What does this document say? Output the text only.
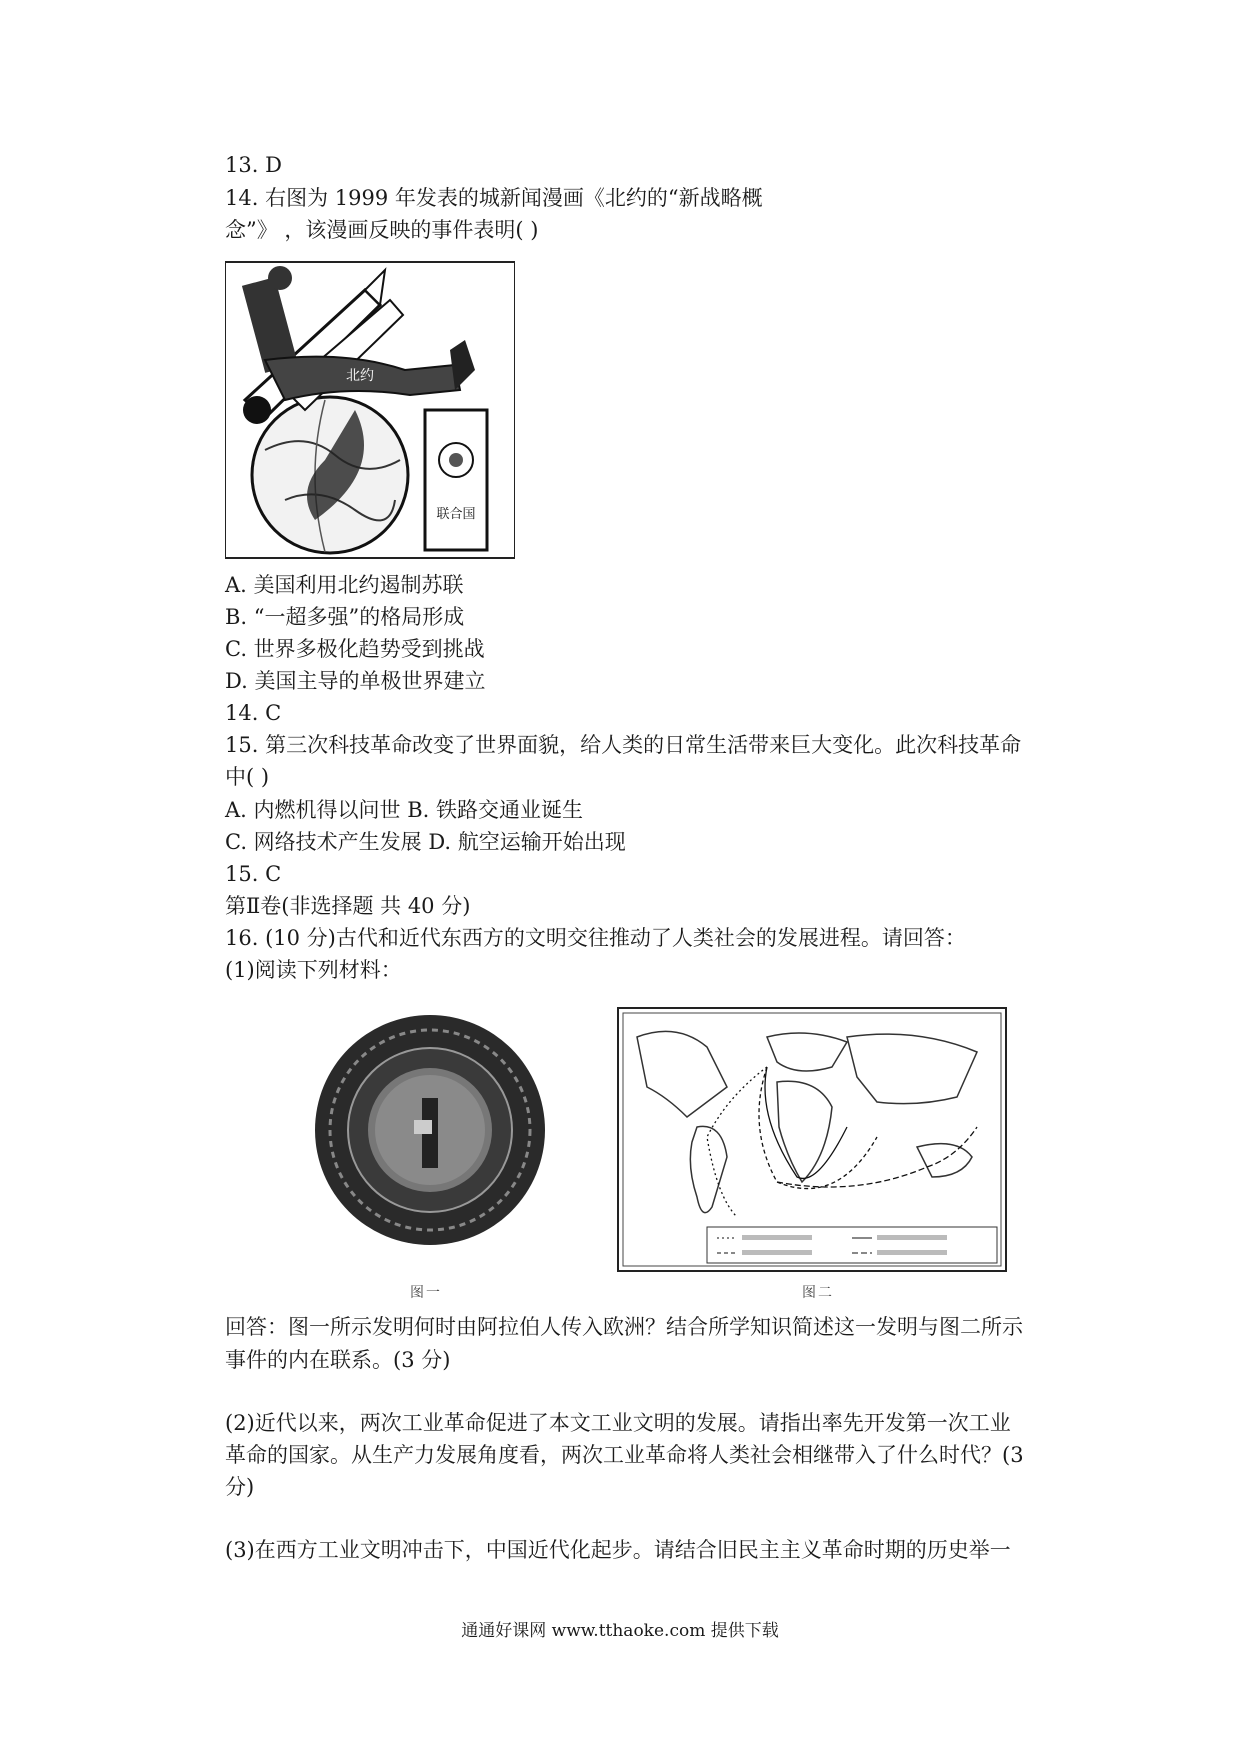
13. D
14. 右图为 1999 年发表的城新闻漫画《北约的“新战略概
念”》 ，该漫画反映的事件表明( )
联合国
北约
A. 美国利用北约遏制苏联
B. “一超多强”的格局形成
C. 世界多极化趋势受到挑战
D. 美国主导的单极世界建立
14. C
15. 第三次科技革命改变了世界面貌，给人类的日常生活带来巨大变化。此次科技革命
中( )
A. 内燃机得以问世 B. 铁路交通业诞生
C. 网络技术产生发展 D. 航空运输开始出现
15. C
第Ⅱ卷(非选择题 共 40 分)
16. (10 分)古代和近代东西方的文明交往推动了人类社会的发展进程。请回答：
(1)阅读下列材料：
图一	图二
回答：图一所示发明何时由阿拉伯人传入欧洲？结合所学知识简述这一发明与图二所示
事件的内在联系。(3 分)
(2)近代以来，两次工业革命促进了本文工业文明的发展。请指出率先开发第一次工业
革命的国家。从生产力发展角度看，两次工业革命将人类社会相继带入了什么时代？(3
分)
(3)在西方工业文明冲击下，中国近代化起步。请结合旧民主主义革命时期的历史举一
通通好课网 www.tthaoke.com 提供下载
